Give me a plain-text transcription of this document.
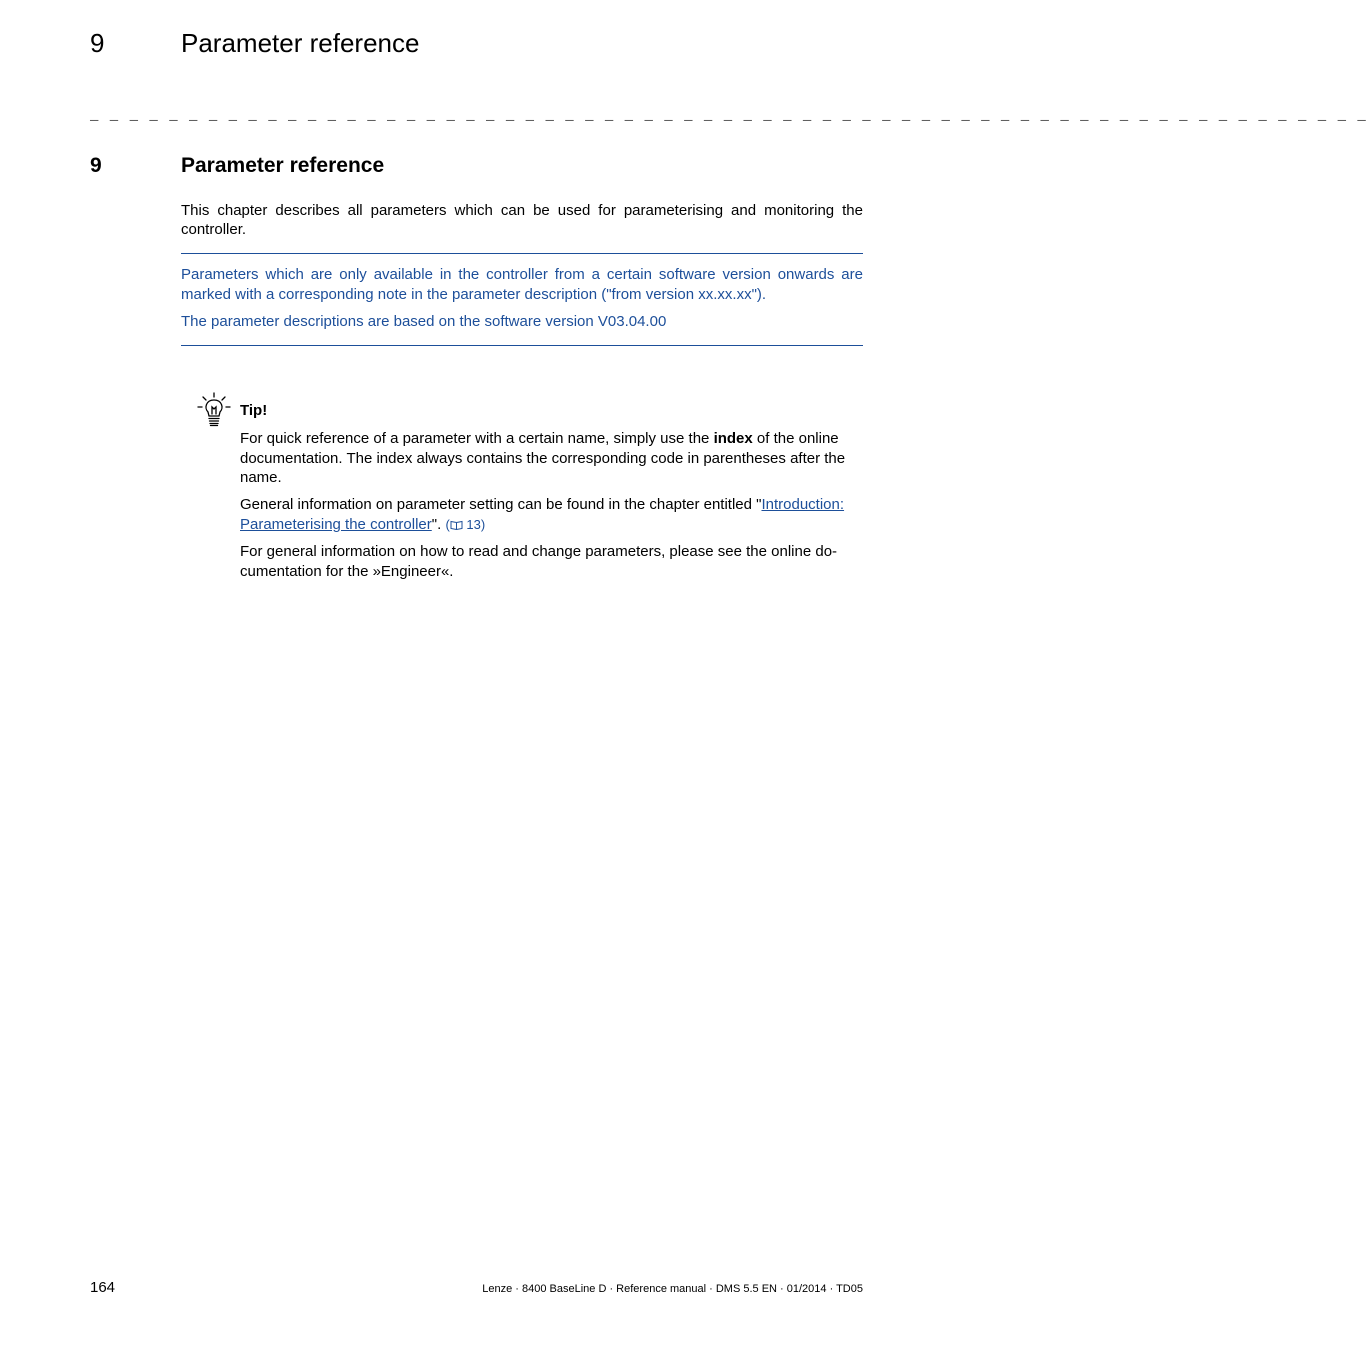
9	Parameter reference
_ _ _ _ _ _ _ _ _ _ _ _ _ _ _ _ _ _ _ _ _ _ _ _ _ _ _ _ _ _ _ _ _ _ _ _ _ _ _ _ _ _ _ _ _ _ _ _ _ _ _ _ _ _ _ _ _ _ _ _ _ _ _ _ _
9	Parameter reference
This chapter describes all parameters which can be used for parameterising and monitoring the controller.
Parameters which are only available in the controller from a certain software version onwards are marked with a corresponding note in the parameter description ("from version xx.xx.xx").
The parameter descriptions are based on the software version V03.04.00
Tip!
For quick reference of a parameter with a certain name, simply use the index of the online documentation. The index always contains the corresponding code in parentheses after the name.
General information on parameter setting can be found in the chapter entitled "Introduction: Parameterising the controller". ( 13)
For general information on how to read and change parameters, please see the online do-cumentation for the »Engineer«.
164	Lenze · 8400 BaseLine D · Reference manual · DMS 5.5 EN · 01/2014 · TD05
